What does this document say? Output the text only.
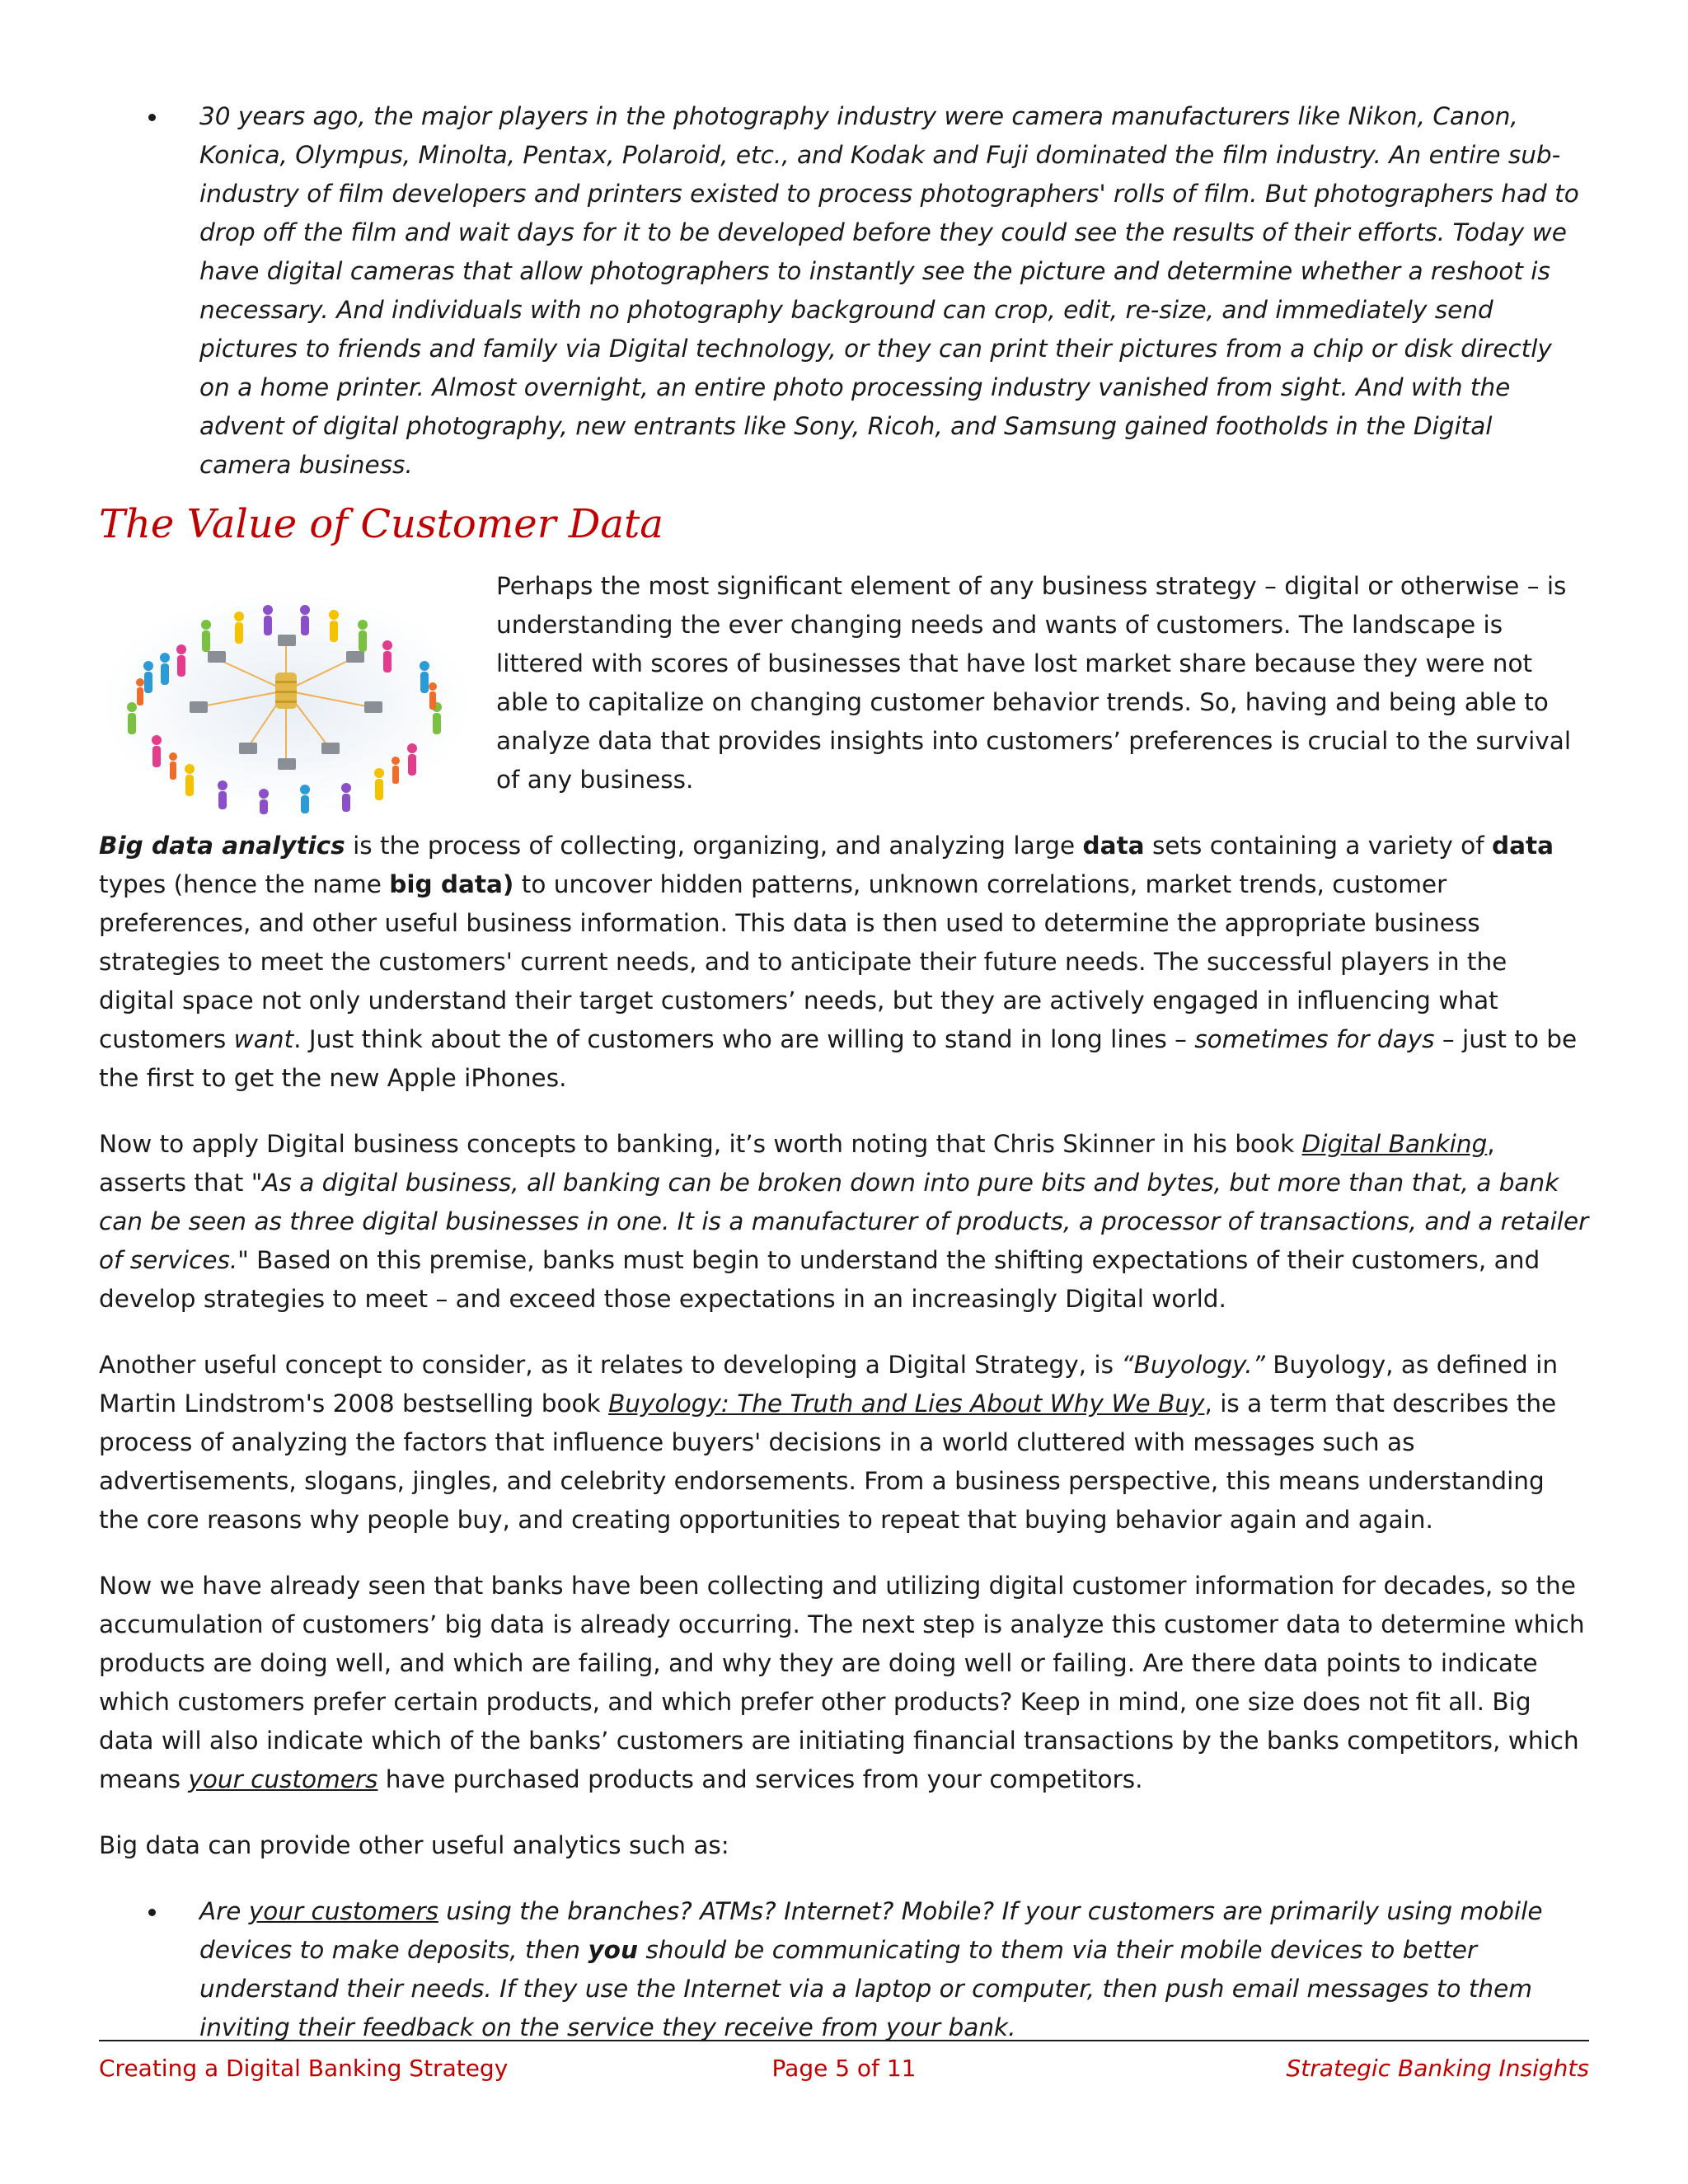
30 years ago, the major players in the photography industry were camera manufacturers like Nikon, Canon, Konica, Olympus, Minolta, Pentax, Polaroid, etc., and Kodak and Fuji dominated the film industry. An entire sub-industry of film developers and printers existed to process photographers' rolls of film. But photographers had to drop off the film and wait days for it to be developed before they could see the results of their efforts. Today we have digital cameras that allow photographers to instantly see the picture and determine whether a reshoot is necessary. And individuals with no photography background can crop, edit, re-size, and immediately send pictures to friends and family via Digital technology, or they can print their pictures from a chip or disk directly on a home printer. Almost overnight, an entire photo processing industry vanished from sight. And with the advent of digital photography, new entrants like Sony, Ricoh, and Samsung gained footholds in the Digital camera business.
The Value of Customer Data

Perhaps the most significant element of any business strategy – digital or otherwise – is understanding the ever changing needs and wants of customers. The landscape is littered with scores of businesses that have lost market share because they were not able to capitalize on changing customer behavior trends. So, having and being able to analyze data that provides insights into customers’ preferences is crucial to the survival of any business.

Big data analytics is the process of collecting, organizing, and analyzing large data sets containing a variety of data types (hence the name big data) to uncover hidden patterns, unknown correlations, market trends, customer preferences, and other useful business information. This data is then used to determine the appropriate business strategies to meet the customers' current needs, and to anticipate their future needs. The successful players in the digital space not only understand their target customers’ needs, but they are actively engaged in influencing what customers want. Just think about the of customers who are willing to stand in long lines – sometimes for days – just to be the first to get the new Apple iPhones.

Now to apply Digital business concepts to banking, it’s worth noting that Chris Skinner in his book Digital Banking, asserts that "As a digital business, all banking can be broken down into pure bits and bytes, but more than that, a bank can be seen as three digital businesses in one. It is a manufacturer of products, a processor of transactions, and a retailer of services." Based on this premise, banks must begin to understand the shifting expectations of their customers, and develop strategies to meet – and exceed those expectations in an increasingly Digital world.

Another useful concept to consider, as it relates to developing a Digital Strategy, is “Buyology.” Buyology, as defined in Martin Lindstrom's 2008 bestselling book Buyology: The Truth and Lies About Why We Buy, is a term that describes the process of analyzing the factors that influence buyers' decisions in a world cluttered with messages such as advertisements, slogans, jingles, and celebrity endorsements. From a business perspective, this means understanding the core reasons why people buy, and creating opportunities to repeat that buying behavior again and again.

Now we have already seen that banks have been collecting and utilizing digital customer information for decades, so the accumulation of customers’ big data is already occurring. The next step is analyze this customer data to determine which products are doing well, and which are failing, and why they are doing well or failing. Are there data points to indicate which customers prefer certain products, and which prefer other products? Keep in mind, one size does not fit all. Big data will also indicate which of the banks’ customers are initiating financial transactions by the banks competitors, which means your customers have purchased products and services from your competitors.

Big data can provide other useful analytics such as:

Are your customers using the branches? ATMs? Internet? Mobile? If your customers are primarily using mobile devices to make deposits, then you should be communicating to them via their mobile devices to better understand their needs. If they use the Internet via a laptop or computer, then push email messages to them inviting their feedback on the service they receive from your bank.
Creating a Digital Banking Strategy	Page 5 of 11	Strategic Banking Insights
